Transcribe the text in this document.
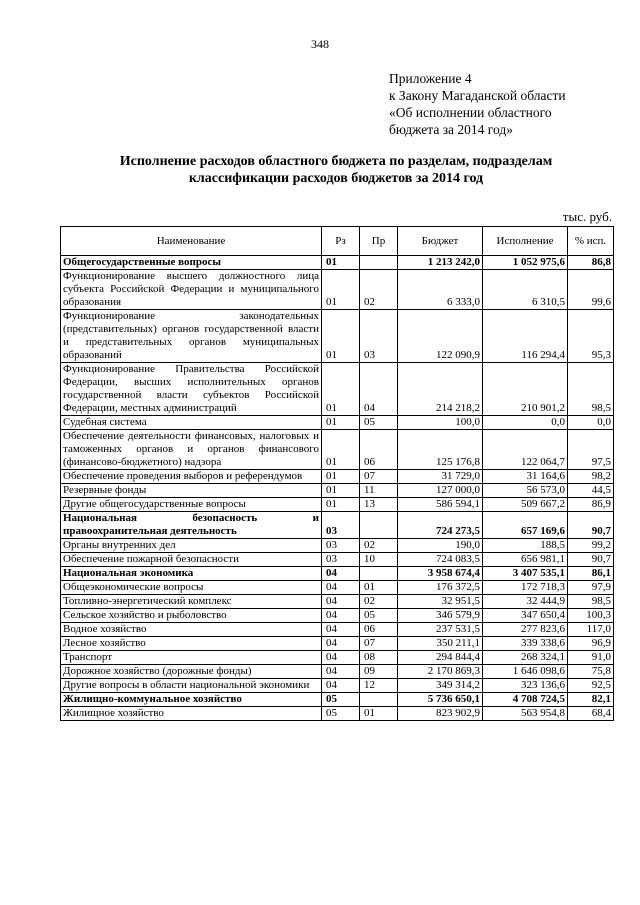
348
Приложение 4
к Закону Магаданской области
«Об исполнении областного
бюджета за 2014 год»
Исполнение расходов областного бюджета по разделам, подразделам
классификации расходов бюджетов за 2014 год
тыс. руб.
Наименование	Рз	Пр	Бюджет	Исполнение	% исп.
Общегосударственные вопросы	01		1 213 242,0	1 052 975,6	86,8
Функционирование высшего должностного лица субъекта Российской Федерации и муниципального образования	01	02	6 333,0	6 310,5	99,6
Функционирование законодательных (представительных) органов государственной власти и представительных органов муниципальных образований	01	03	122 090,9	116 294,4	95,3
Функционирование Правительства Российской Федерации, высших исполнительных органов государственной власти субъектов Российской Федерации, местных администраций	01	04	214 218,2	210 901,2	98,5
Судебная система	01	05	100,0	0,0	0,0
Обеспечение деятельности финансовых, налоговых и таможенных органов и органов финансового (финансово-бюджетного) надзора	01	06	125 176,8	122 064,7	97,5
Обеспечение проведения выборов и референдумов	01	07	31 729,0	31 164,6	98,2
Резервные фонды	01	11	127 000,0	56 573,0	44,5
Другие общегосударственные вопросы	01	13	586 594,1	509 667,2	86,9
Национальная безопасность и правоохранительная деятельность	03		724 273,5	657 169,6	90,7
Органы внутренних дел	03	02	190,0	188,5	99,2
Обеспечение пожарной безопасности	03	10	724 083,5	656 981,1	90,7
Национальная экономика	04		3 958 674,4	3 407 535,1	86,1
Общеэкономические вопросы	04	01	176 372,5	172 718,3	97,9
Топливно-энергетический комплекс	04	02	32 951,5	32 444,9	98,5
Сельское хозяйство и рыболовство	04	05	346 579,9	347 650,4	100,3
Водное хозяйство	04	06	237 531,5	277 823,6	117,0
Лесное хозяйство	04	07	350 211,1	339 338,6	96,9
Транспорт	04	08	294 844,4	268 324,1	91,0
Дорожное хозяйство (дорожные фонды)	04	09	2 170 869,3	1 646 098,6	75,8
Другие вопросы в области национальной экономики	04	12	349 314,2	323 136,6	92,5
Жилищно-коммунальное хозяйство	05		5 736 650,1	4 708 724,5	82,1
Жилищное хозяйство	05	01	823 902,9	563 954,8	68,4
